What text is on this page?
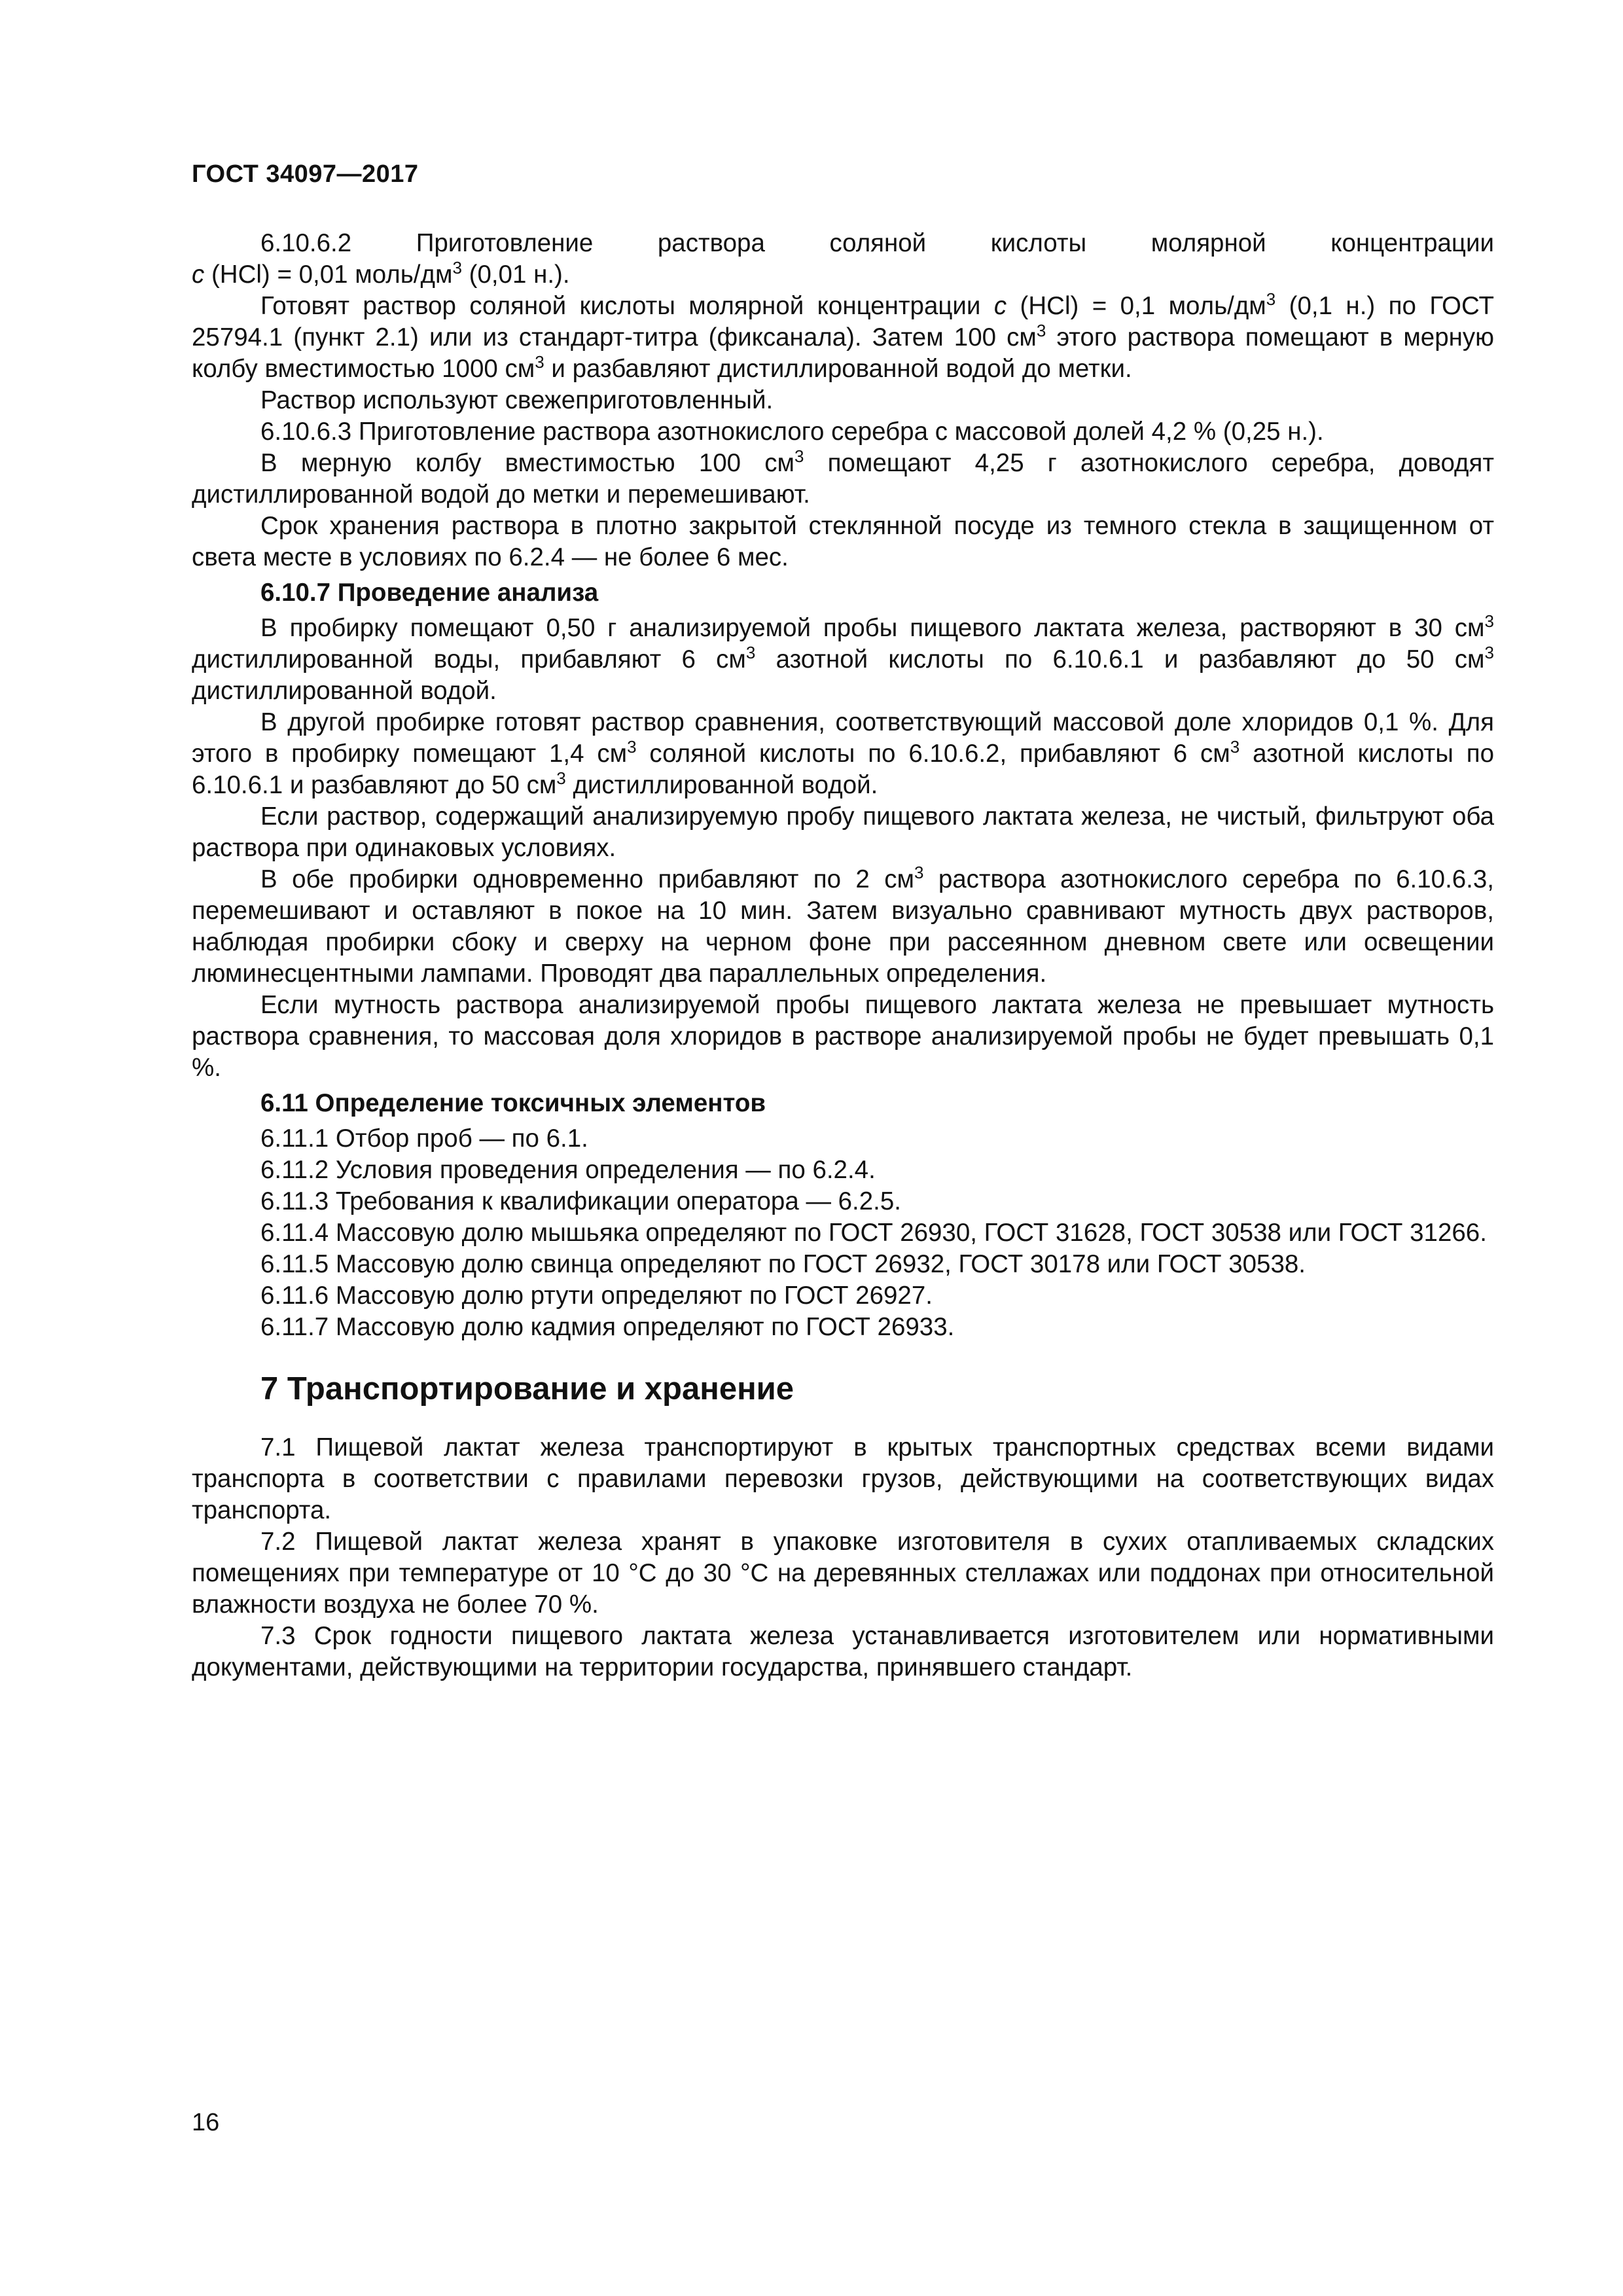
ГОСТ 34097—2017

6.10.6.2 Приготовление раствора соляной кислоты молярной концентрации

c (HCl) = 0,01 моль/$дм^3$ (0,01 н.).

Готовят раствор соляной кислоты молярной концентрации c (HCl) = 0,1 моль/$дм^3$ (0,1 н.) по ГОСТ 25794.1 (пункт 2.1) или из стандарт-титра (фиксанала). Затем 100 $см^3$ этого раствора помещают в мерную колбу вместимостью 1000 $см^3$ и разбавляют дистиллированной водой до метки.

Раствор используют свежеприготовленный.

6.10.6.3 Приготовление раствора азотнокислого серебра с массовой долей 4,2 % (0,25 н.).

В мерную колбу вместимостью 100 $см^3$ помещают 4,25 г азотнокислого серебра, доводят дистиллированной водой до метки и перемешивают.

Срок хранения раствора в плотно закрытой стеклянной посуде из темного стекла в защищенном от света месте в условиях по 6.2.4 — не более 6 мес.

6.10.7 Проведение анализа

В пробирку помещают 0,50 г анализируемой пробы пищевого лактата железа, растворяют в 30 $см^3$ дистиллированной воды, прибавляют 6 $см^3$ азотной кислоты по 6.10.6.1 и разбавляют до 50 $см^3$ дистиллированной водой.

В другой пробирке готовят раствор сравнения, соответствующий массовой доле хлоридов 0,1 %. Для этого в пробирку помещают 1,4 $см^3$ соляной кислоты по 6.10.6.2, прибавляют 6 $см^3$ азотной кислоты по 6.10.6.1 и разбавляют до 50 $см^3$ дистиллированной водой.

Если раствор, содержащий анализируемую пробу пищевого лактата железа, не чистый, фильтруют оба раствора при одинаковых условиях.

В обе пробирки одновременно прибавляют по 2 $см^3$ раствора азотнокислого серебра по 6.10.6.3, перемешивают и оставляют в покое на 10 мин. Затем визуально сравнивают мутность двух растворов, наблюдая пробирки сбоку и сверху на черном фоне при рассеянном дневном свете или освещении люминесцентными лампами. Проводят два параллельных определения.

Если мутность раствора анализируемой пробы пищевого лактата железа не превышает мутность раствора сравнения, то массовая доля хлоридов в растворе анализируемой пробы не будет превышать 0,1 %.

6.11 Определение токсичных элементов

6.11.1 Отбор проб — по 6.1.

6.11.2 Условия проведения определения — по 6.2.4.

6.11.3 Требования к квалификации оператора — 6.2.5.

6.11.4 Массовую долю мышьяка определяют по ГОСТ 26930, ГОСТ 31628, ГОСТ 30538 или ГОСТ 31266.

6.11.5 Массовую долю свинца определяют по ГОСТ 26932, ГОСТ 30178 или ГОСТ 30538.

6.11.6 Массовую долю ртути определяют по ГОСТ 26927.

6.11.7 Массовую долю кадмия определяют по ГОСТ 26933.

7 Транспортирование и хранение

7.1 Пищевой лактат железа транспортируют в крытых транспортных средствах всеми видами транспорта в соответствии с правилами перевозки грузов, действующими на соответствующих видах транспорта.

7.2 Пищевой лактат железа хранят в упаковке изготовителя в сухих отапливаемых складских помещениях при температуре от 10 °С до 30 °С на деревянных стеллажах или поддонах при относительной влажности воздуха не более 70 %.

7.3 Срок годности пищевого лактата железа устанавливается изготовителем или нормативными документами, действующими на территории государства, принявшего стандарт.

16
